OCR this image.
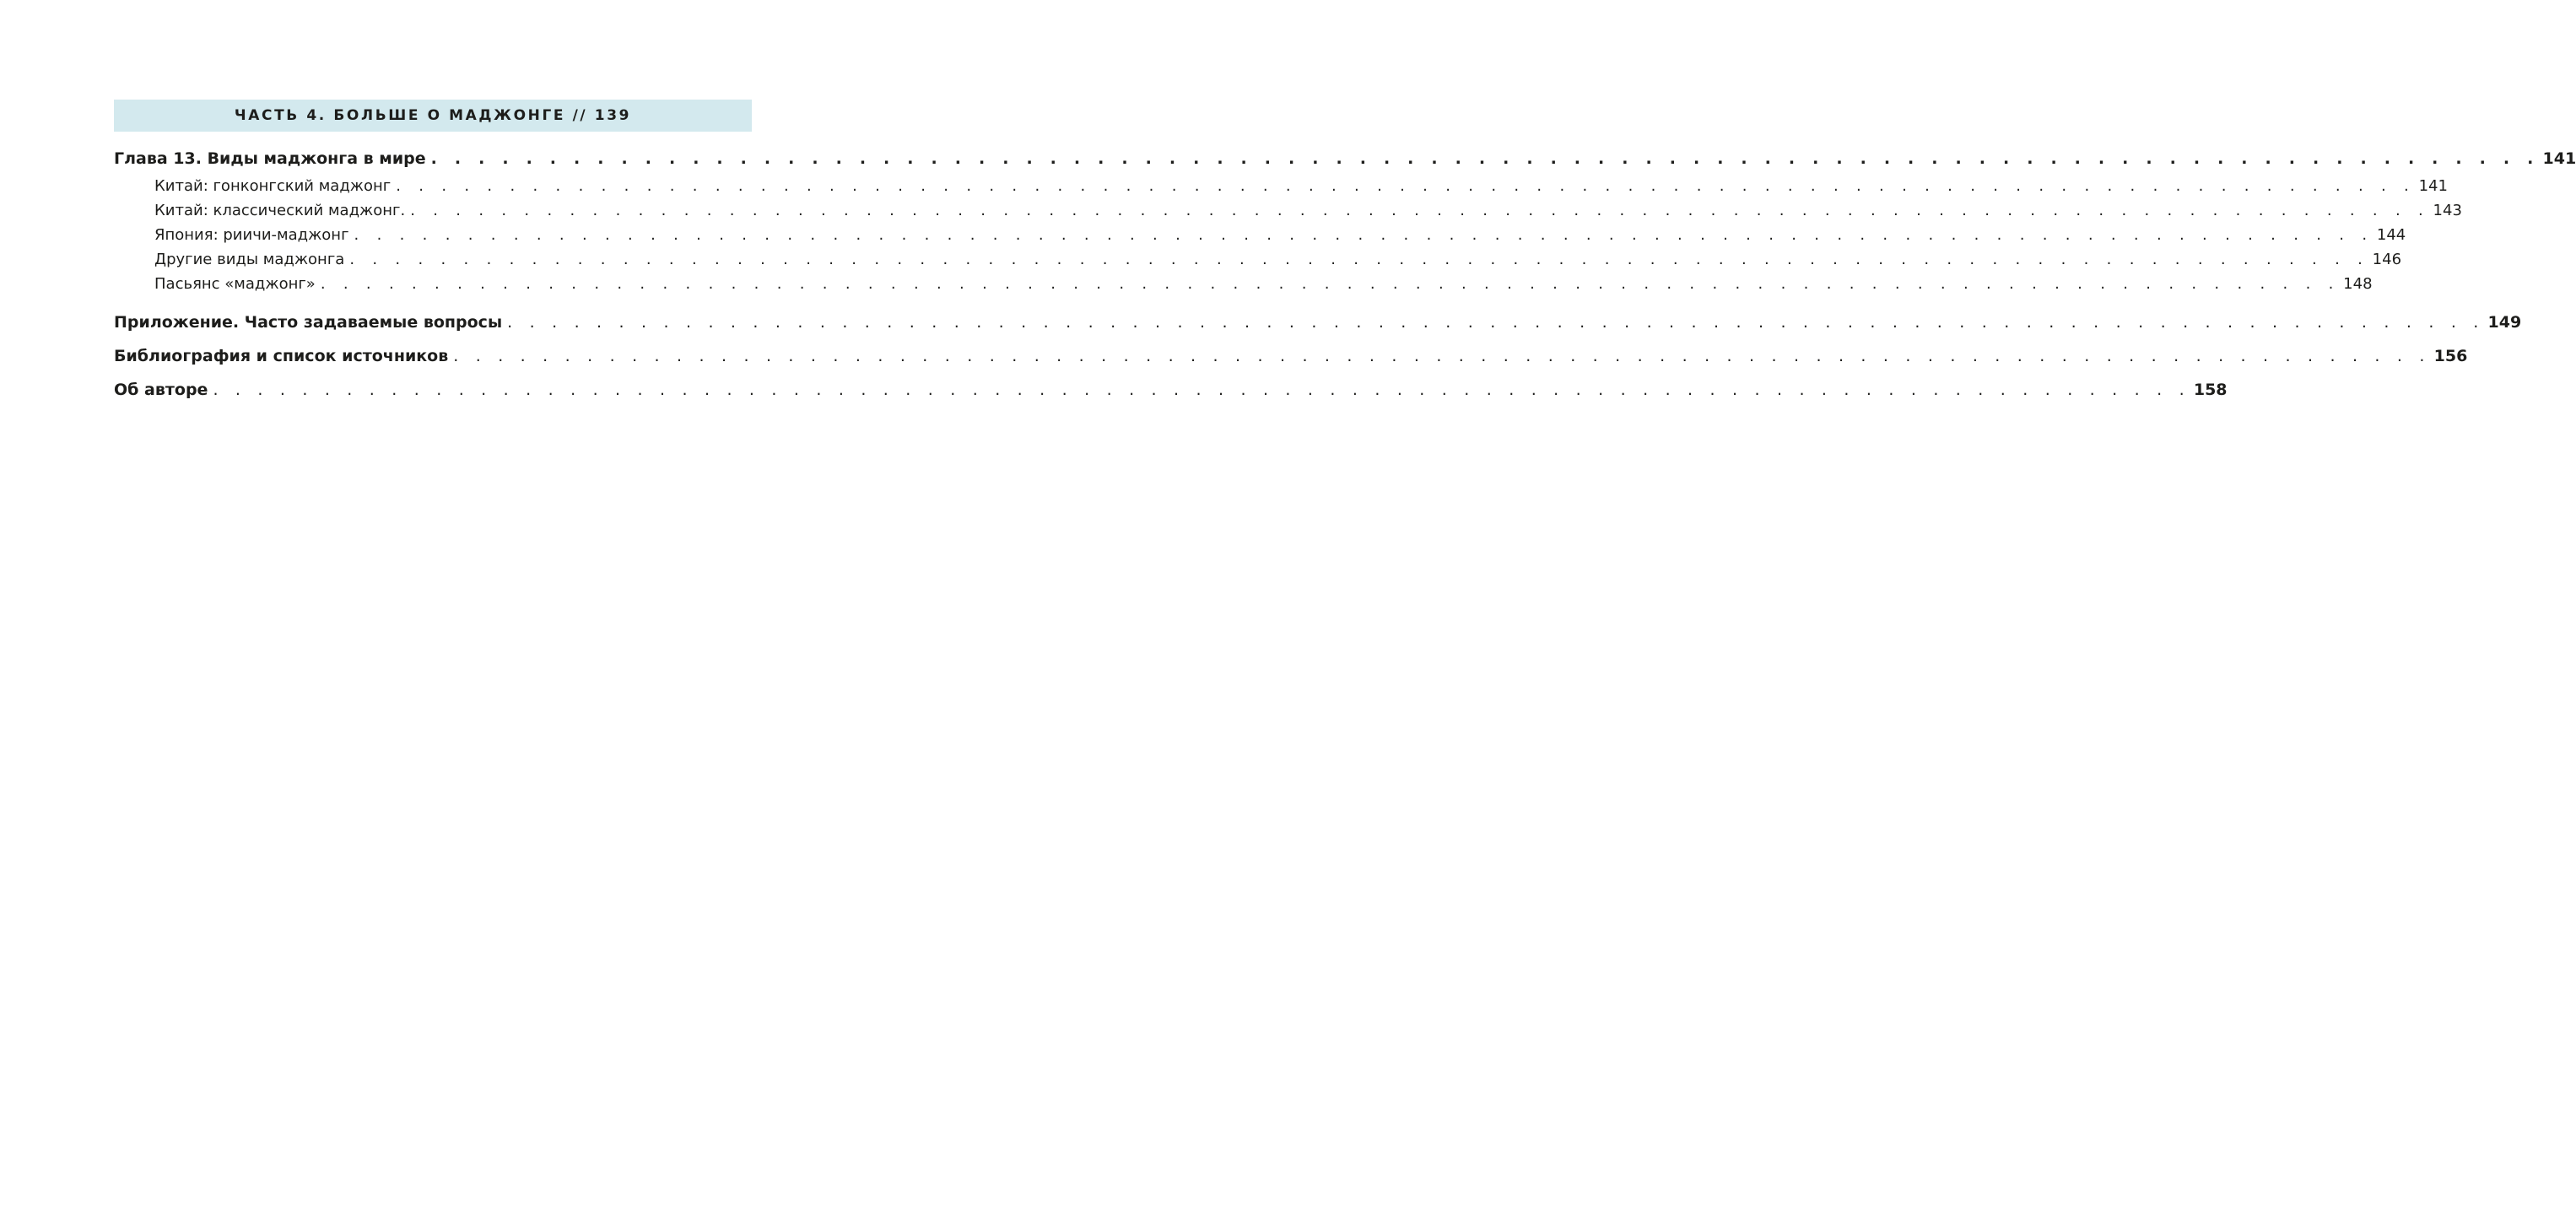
ЧАСТЬ 4. БОЛЬШЕ О МАДЖОНГЕ // 139
Глава 13. Виды маджонга в мире . . . . . . . . . . . . . . . . . . . . . . . . . . . . . . . . . . . . . . . . . . . . . . . . . . . . . . . . . . . . . . . . . . . . . . . . . . . . . . . . . . . . . . . . . 141
Китай: гонконгский маджонг . . . . . . . . . . . . . . . . . . . . . . . . . . . . . . . . . . . . . . . . . . . . . . . . . . . . . . . . . . . . . . . . . . . . . . . . . . . . . . . . . . . . . . . . . 141
Китай: классический маджонг. . . . . . . . . . . . . . . . . . . . . . . . . . . . . . . . . . . . . . . . . . . . . . . . . . . . . . . . . . . . . . . . . . . . . . . . . . . . . . . . . . . . . . . . . . 143
Япония: риичи-маджонг . . . . . . . . . . . . . . . . . . . . . . . . . . . . . . . . . . . . . . . . . . . . . . . . . . . . . . . . . . . . . . . . . . . . . . . . . . . . . . . . . . . . . . . . . 144
Другие виды маджонга . . . . . . . . . . . . . . . . . . . . . . . . . . . . . . . . . . . . . . . . . . . . . . . . . . . . . . . . . . . . . . . . . . . . . . . . . . . . . . . . . . . . . . . . . 146
Пасьянс «маджонг» . . . . . . . . . . . . . . . . . . . . . . . . . . . . . . . . . . . . . . . . . . . . . . . . . . . . . . . . . . . . . . . . . . . . . . . . . . . . . . . . . . . . . . . . . 148
Приложение. Часто задаваемые вопросы . . . . . . . . . . . . . . . . . . . . . . . . . . . . . . . . . . . . . . . . . . . . . . . . . . . . . . . . . . . . . . . . . . . . . . . . . . . . . . . . . . . . . . . . . 149
Библиография и список источников . . . . . . . . . . . . . . . . . . . . . . . . . . . . . . . . . . . . . . . . . . . . . . . . . . . . . . . . . . . . . . . . . . . . . . . . . . . . . . . . . . . . . . . . . 156
Об авторе . . . . . . . . . . . . . . . . . . . . . . . . . . . . . . . . . . . . . . . . . . . . . . . . . . . . . . . . . . . . . . . . . . . . . . . . . . . . . . . . . . . . . . . . . 158
